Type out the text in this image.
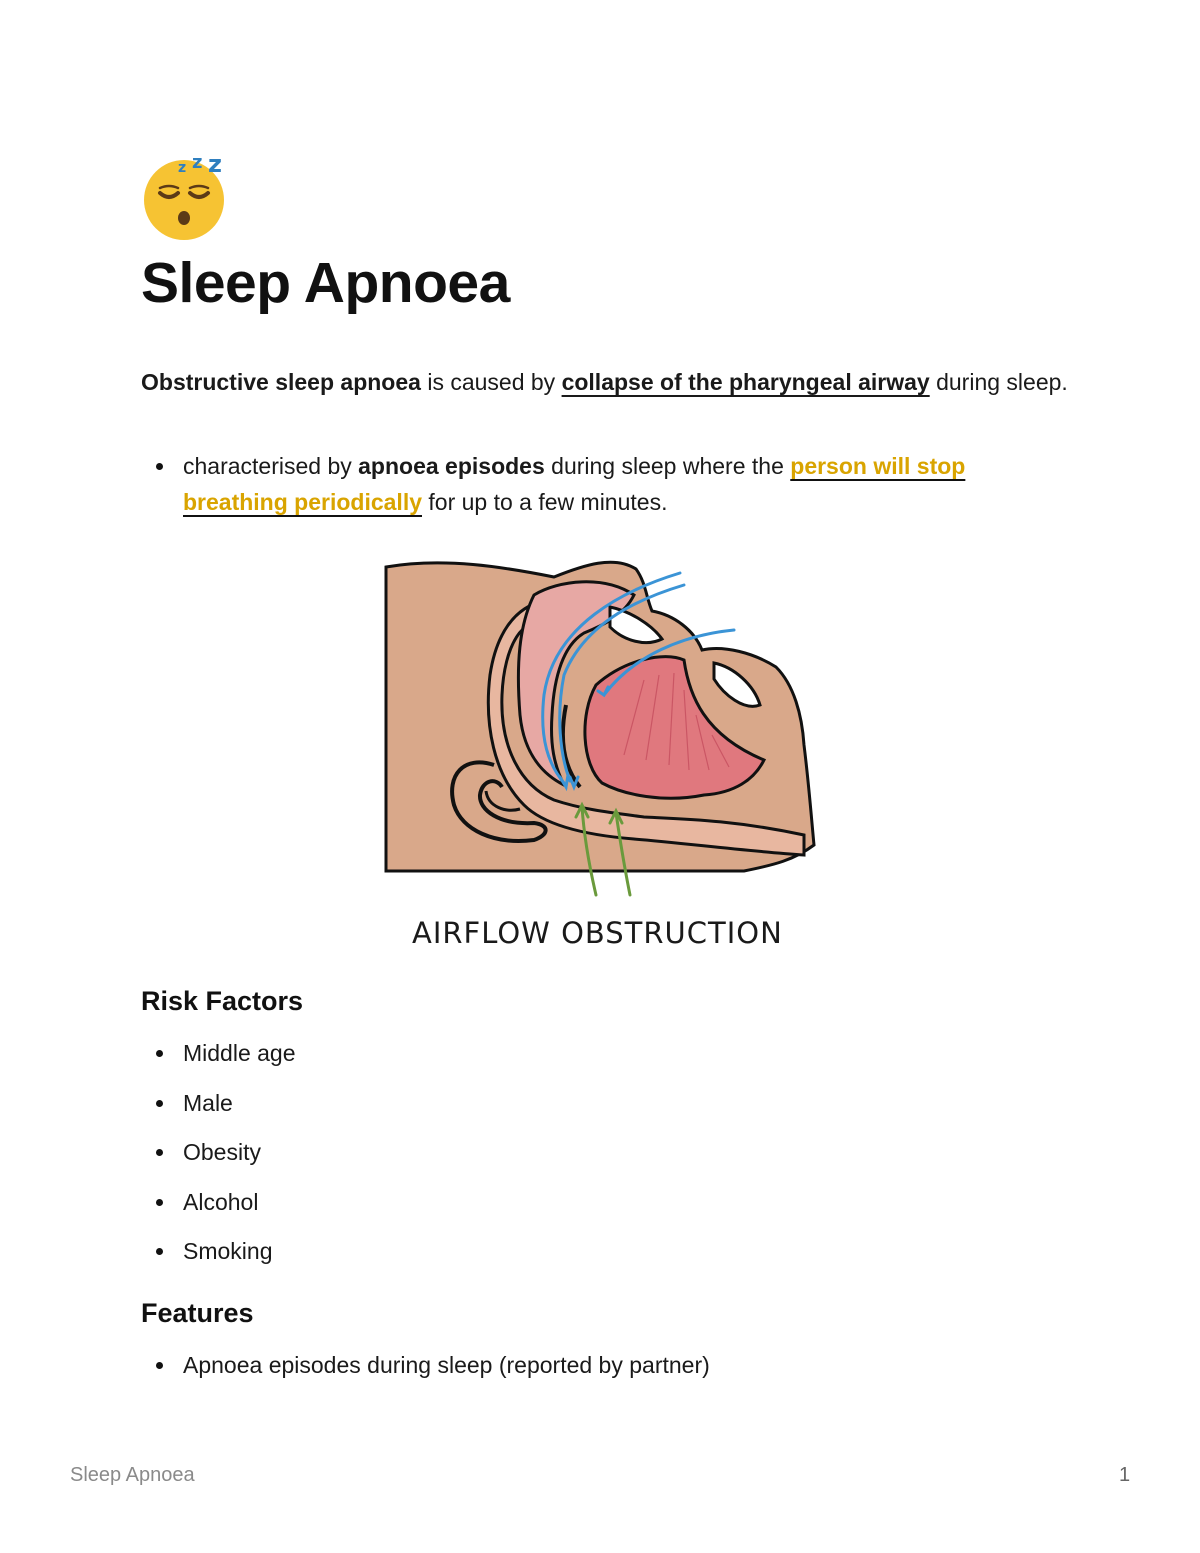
z z z
Sleep Apnoea

Obstructive sleep apnoea is caused by collapse of the pharyngeal airway during sleep.

characterised by apnoea episodes during sleep where the person will stop breathing periodically for up to a few minutes.
AIRFLOW OBSTRUCTION
Risk Factors
Middle age
Male
Obesity
Alcohol
Smoking
Features
Apnoea episodes during sleep (reported by partner)
Sleep Apnoea	1
